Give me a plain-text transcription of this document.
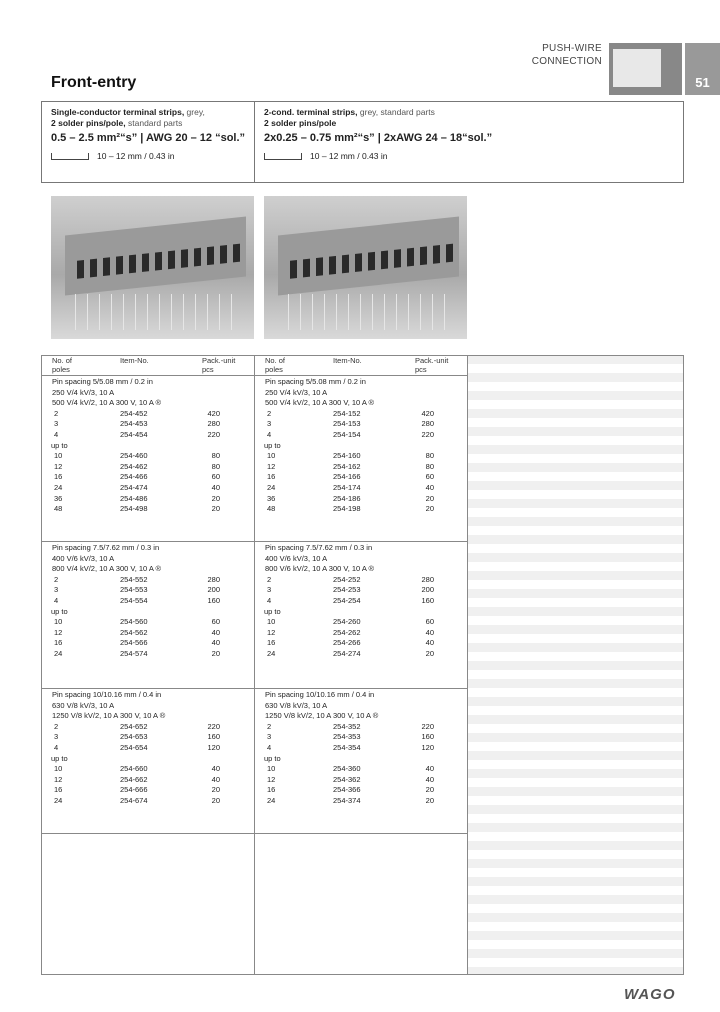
PUSH-WIRE
CONNECTION
51
Front-entry
Single-conductor terminal strips, grey,
2 solder pins/pole, standard parts
0.5 – 2.5 mm²“s” | AWG 20 – 12 “sol.”
10 – 12 mm / 0.43 in
2-cond. terminal strips, grey, standard parts
2 solder pins/pole
2x0.25 – 0.75 mm²“s” | 2xAWG 24 – 18“sol.”
10 – 12 mm / 0.43 in
No. of
poles
Item-No.	Pack.-unit
pcs
No. of
poles
Item-No.	Pack.-unit
pcs
Pin spacing 5/5.08 mm / 0.2 in
250 V/4 kV/3, 10 A
500 V/4 kV/2, 10 A 300 V, 10 A ®
2	254-452	420
3	254-453	280
4	254-454	220
up to
10	254-460	80
12	254-462	80
16	254-466	60
24	254-474	40
36	254-486	20
48	254-498	20
Pin spacing 7.5/7.62 mm / 0.3 in
400 V/6 kV/3, 10 A
800 V/4 kV/2, 10 A 300 V, 10 A ®
2	254-552	280
3	254-553	200
4	254-554	160
up to
10	254-560	60
12	254-562	40
16	254-566	40
24	254-574	20
Pin spacing 10/10.16 mm / 0.4 in
630 V/8 kV/3, 10 A
1250 V/8 kV/2, 10 A 300 V, 10 A ®
2	254-652	220
3	254-653	160
4	254-654	120
up to
10	254-660	40
12	254-662	40
16	254-666	20
24	254-674	20
Pin spacing 5/5.08 mm / 0.2 in
250 V/4 kV/3, 10 A
500 V/4 kV/2, 10 A 300 V, 10 A ®
2	254-152	420
3	254-153	280
4	254-154	220
up to
10	254-160	80
12	254-162	80
16	254-166	60
24	254-174	40
36	254-186	20
48	254-198	20
Pin spacing 7.5/7.62 mm / 0.3 in
400 V/6 kV/3, 10 A
800 V/6 kV/2, 10 A 300 V, 10 A ®
2	254-252	280
3	254-253	200
4	254-254	160
up to
10	254-260	60
12	254-262	40
16	254-266	40
24	254-274	20
Pin spacing 10/10.16 mm / 0.4 in
630 V/8 kV/3, 10 A
1250 V/8 kV/2, 10 A 300 V, 10 A ®
2	254-352	220
3	254-353	160
4	254-354	120
up to
10	254-360	40
12	254-362	40
16	254-366	20
24	254-374	20
WAGO
